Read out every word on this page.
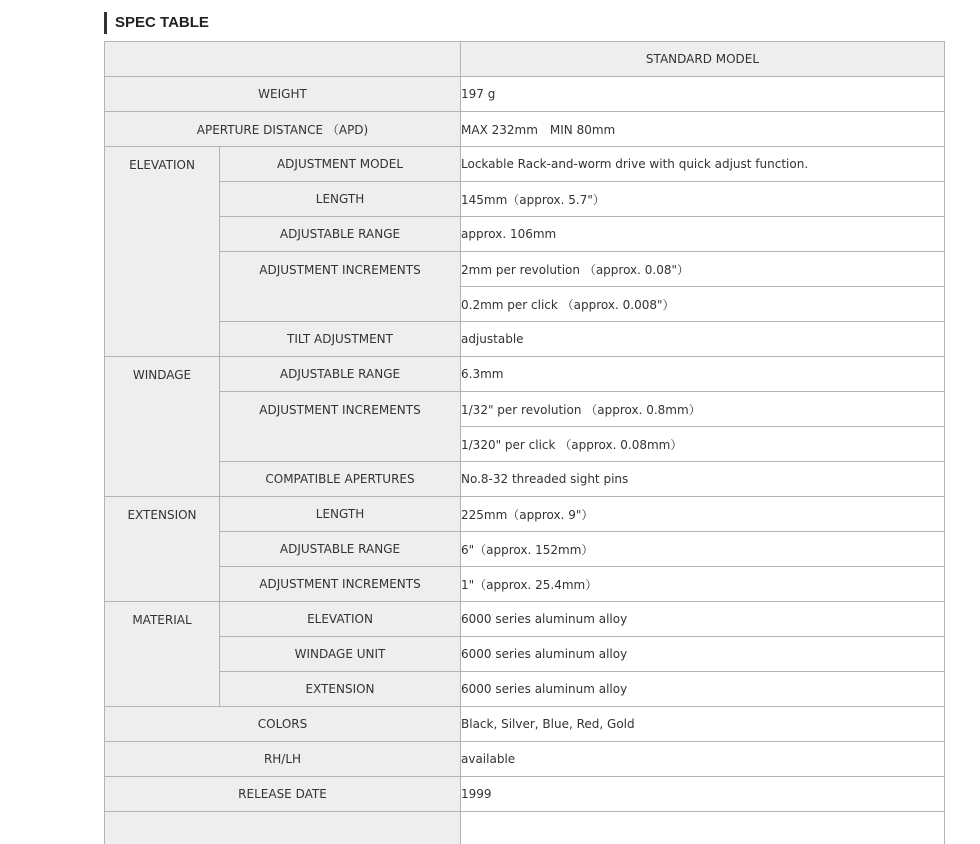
SPEC TABLE
		STANDARD MODEL
WEIGHT		197 g
APERTURE DISTANCE （APD)		MAX 232mm　MIN 80mm
ELEVATION	ADJUSTMENT MODEL	Lockable Rack-and-worm drive with quick adjust function.
	LENGTH	145mm（approx. 5.7"）
	ADJUSTABLE RANGE	approx. 106mm
	ADJUSTMENT INCREMENTS	2mm per revolution （approx. 0.08"）
		0.2mm per click （approx. 0.008"）
	TILT ADJUSTMENT	adjustable
WINDAGE	ADJUSTABLE RANGE	6.3mm
	ADJUSTMENT INCREMENTS	1/32" per revolution （approx. 0.8mm）
		1/320" per click （approx. 0.08mm）
	COMPATIBLE APERTURES	No.8-32 threaded sight pins
EXTENSION	LENGTH	225mm（approx. 9"）
	ADJUSTABLE RANGE	6"（approx. 152mm）
	ADJUSTMENT INCREMENTS	1"（approx. 25.4mm）
MATERIAL	ELEVATION	6000 series aluminum alloy
	WINDAGE UNIT	6000 series aluminum alloy
	EXTENSION	6000 series aluminum alloy
COLORS		Black, Silver, Blue, Red, Gold
RH/LH		available
RELEASE DATE		1999
